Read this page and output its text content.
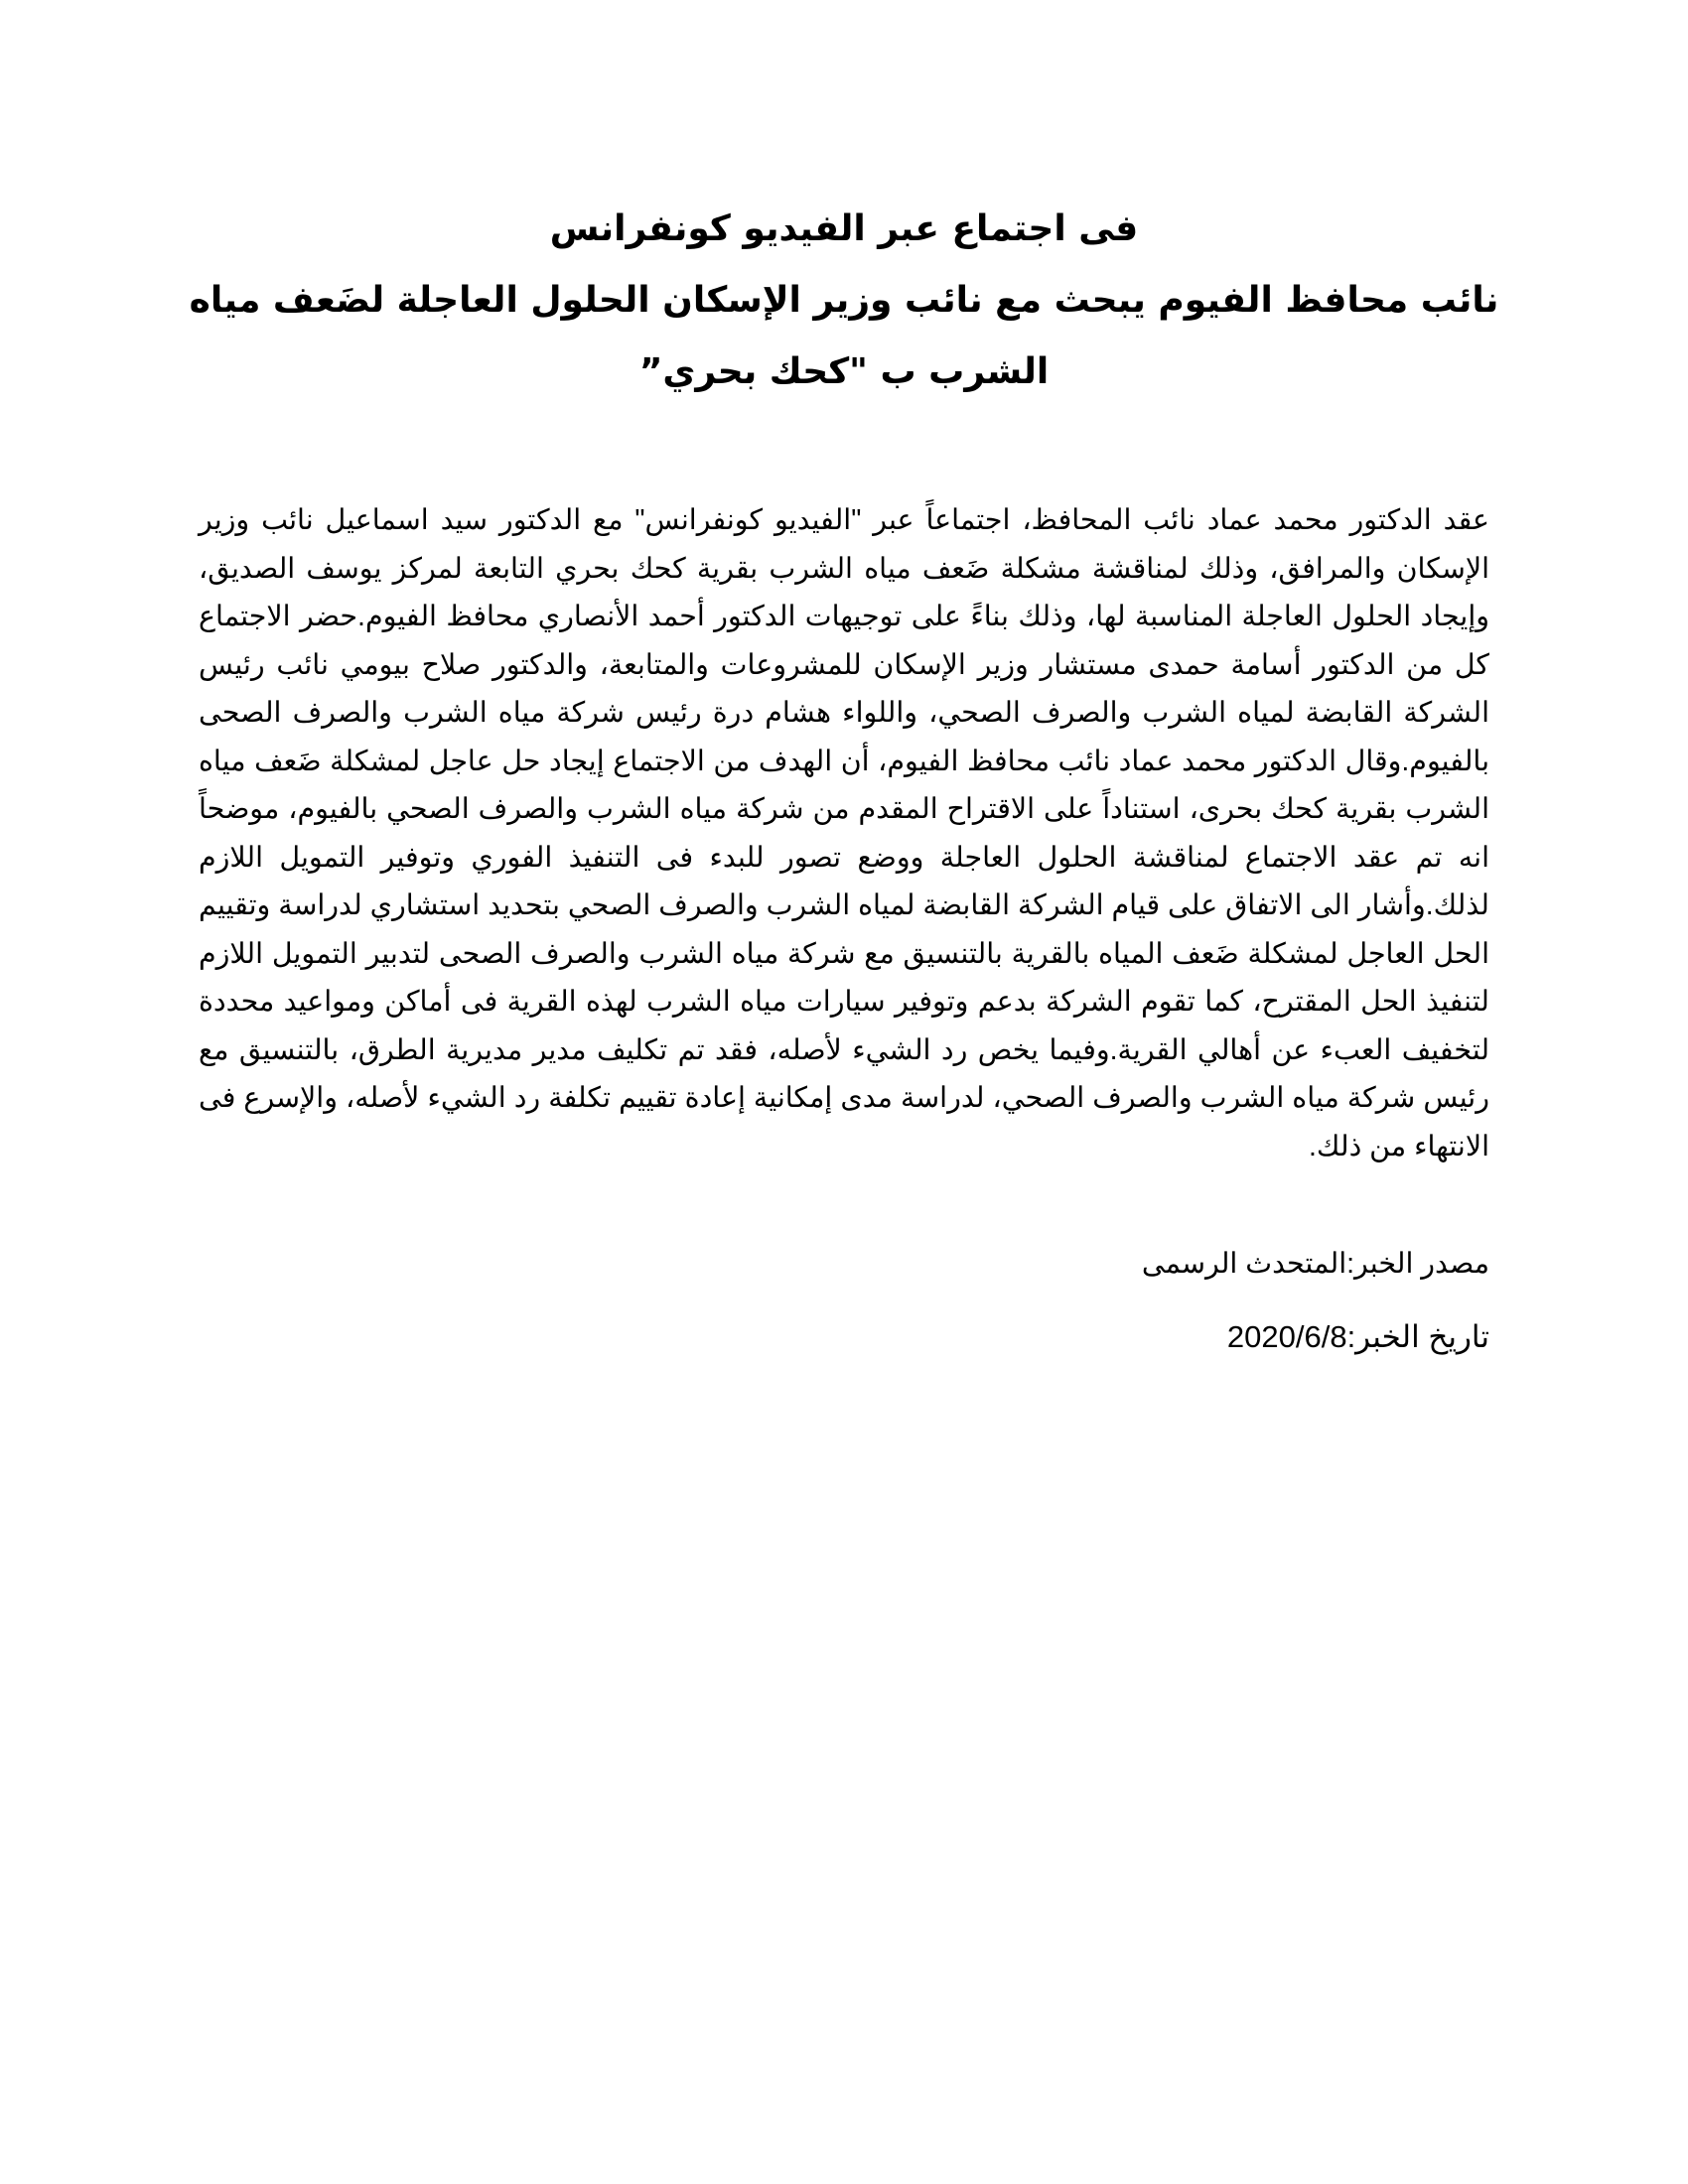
فى اجتماع عبر الفيديو كونفرانس
نائب محافظ الفيوم يبحث مع نائب وزير الإسكان الحلول العاجلة لضَعف مياه
الشرب ب "كحك بحري”
عقد الدكتور محمد عماد نائب المحافظ، اجتماعاً عبر "الفيديو كونفرانس" مع الدكتور سيد اسماعيل نائب وزير الإسكان والمرافق، وذلك لمناقشة مشكلة ضَعف مياه الشرب بقرية كحك بحري التابعة لمركز يوسف الصديق، وإيجاد الحلول العاجلة المناسبة لها، وذلك بناءً على توجيهات الدكتور أحمد الأنصاري محافظ الفيوم.حضر الاجتماع كل من الدكتور أسامة حمدى مستشار وزير الإسكان للمشروعات والمتابعة، والدكتور صلاح بيومي نائب رئيس الشركة القابضة لمياه الشرب والصرف الصحي، واللواء هشام درة رئيس شركة مياه الشرب والصرف الصحى بالفيوم.وقال الدكتور محمد عماد نائب محافظ الفيوم، أن الهدف من الاجتماع إيجاد حل عاجل لمشكلة ضَعف مياه الشرب بقرية كحك بحرى، استناداً على الاقتراح المقدم من شركة مياه الشرب والصرف الصحي بالفيوم، موضحاً انه تم عقد الاجتماع لمناقشة الحلول العاجلة ووضع تصور للبدء فى التنفيذ الفوري وتوفير التمويل اللازم لذلك.وأشار الى الاتفاق على قيام الشركة القابضة لمياه الشرب والصرف الصحي بتحديد استشاري لدراسة وتقييم الحل العاجل لمشكلة ضَعف المياه بالقرية بالتنسيق مع شركة مياه الشرب والصرف الصحى لتدبير التمويل اللازم لتنفيذ الحل المقترح، كما تقوم الشركة بدعم وتوفير سيارات مياه الشرب لهذه القرية فى أماكن ومواعيد محددة لتخفيف العبء عن أهالي القرية.وفيما يخص رد الشيء لأصله، فقد تم تكليف مدير مديرية الطرق، بالتنسيق مع رئيس شركة مياه الشرب والصرف الصحي، لدراسة مدى إمكانية إعادة تقييم تكلفة رد الشيء لأصله، والإسرع فى الانتهاء من ذلك.
مصدر الخبر:المتحدث الرسمى
تاريخ الخبر:2020/6/8
